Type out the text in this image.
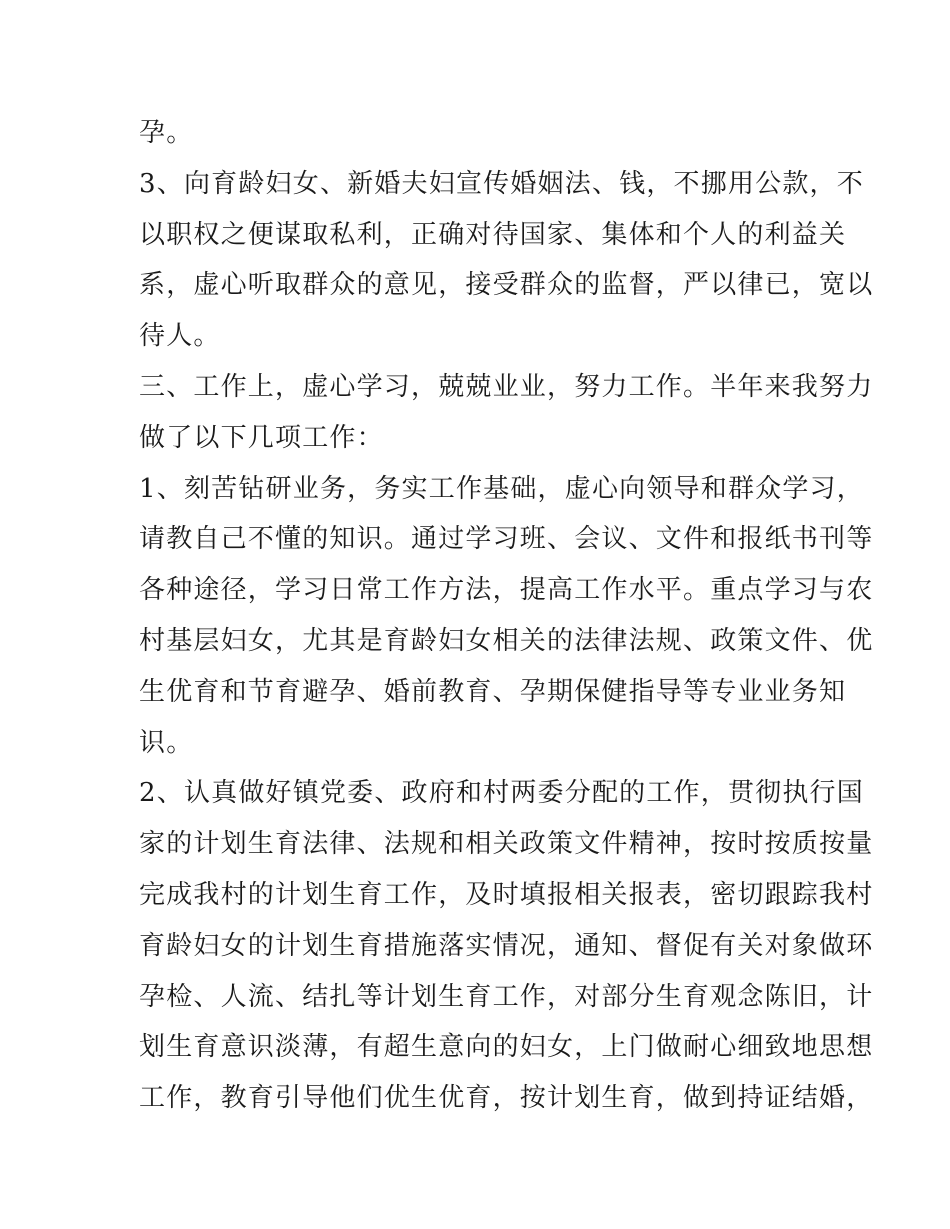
孕。
3、向育龄妇女、新婚夫妇宣传婚姻法、钱，不挪用公款，不
以职权之便谋取私利，正确对待国家、集体和个人的利益关
系，虚心听取群众的意见，接受群众的监督，严以律已，宽以
待人。
三、工作上，虚心学习，兢兢业业，努力工作。半年来我努力
做了以下几项工作：
1、刻苦钻研业务，务实工作基础，虚心向领导和群众学习，
请教自己不懂的知识。通过学习班、会议、文件和报纸书刊等
各种途径，学习日常工作方法，提高工作水平。重点学习与农
村基层妇女，尤其是育龄妇女相关的法律法规、政策文件、优
生优育和节育避孕、婚前教育、孕期保健指导等专业业务知
识。
2、认真做好镇党委、政府和村两委分配的工作，贯彻执行国
家的计划生育法律、法规和相关政策文件精神，按时按质按量
完成我村的计划生育工作，及时填报相关报表，密切跟踪我村
育龄妇女的计划生育措施落实情况，通知、督促有关对象做环
孕检、人流、结扎等计划生育工作，对部分生育观念陈旧，计
划生育意识淡薄，有超生意向的妇女，上门做耐心细致地思想
工作，教育引导他们优生优育，按计划生育，做到持证结婚，
